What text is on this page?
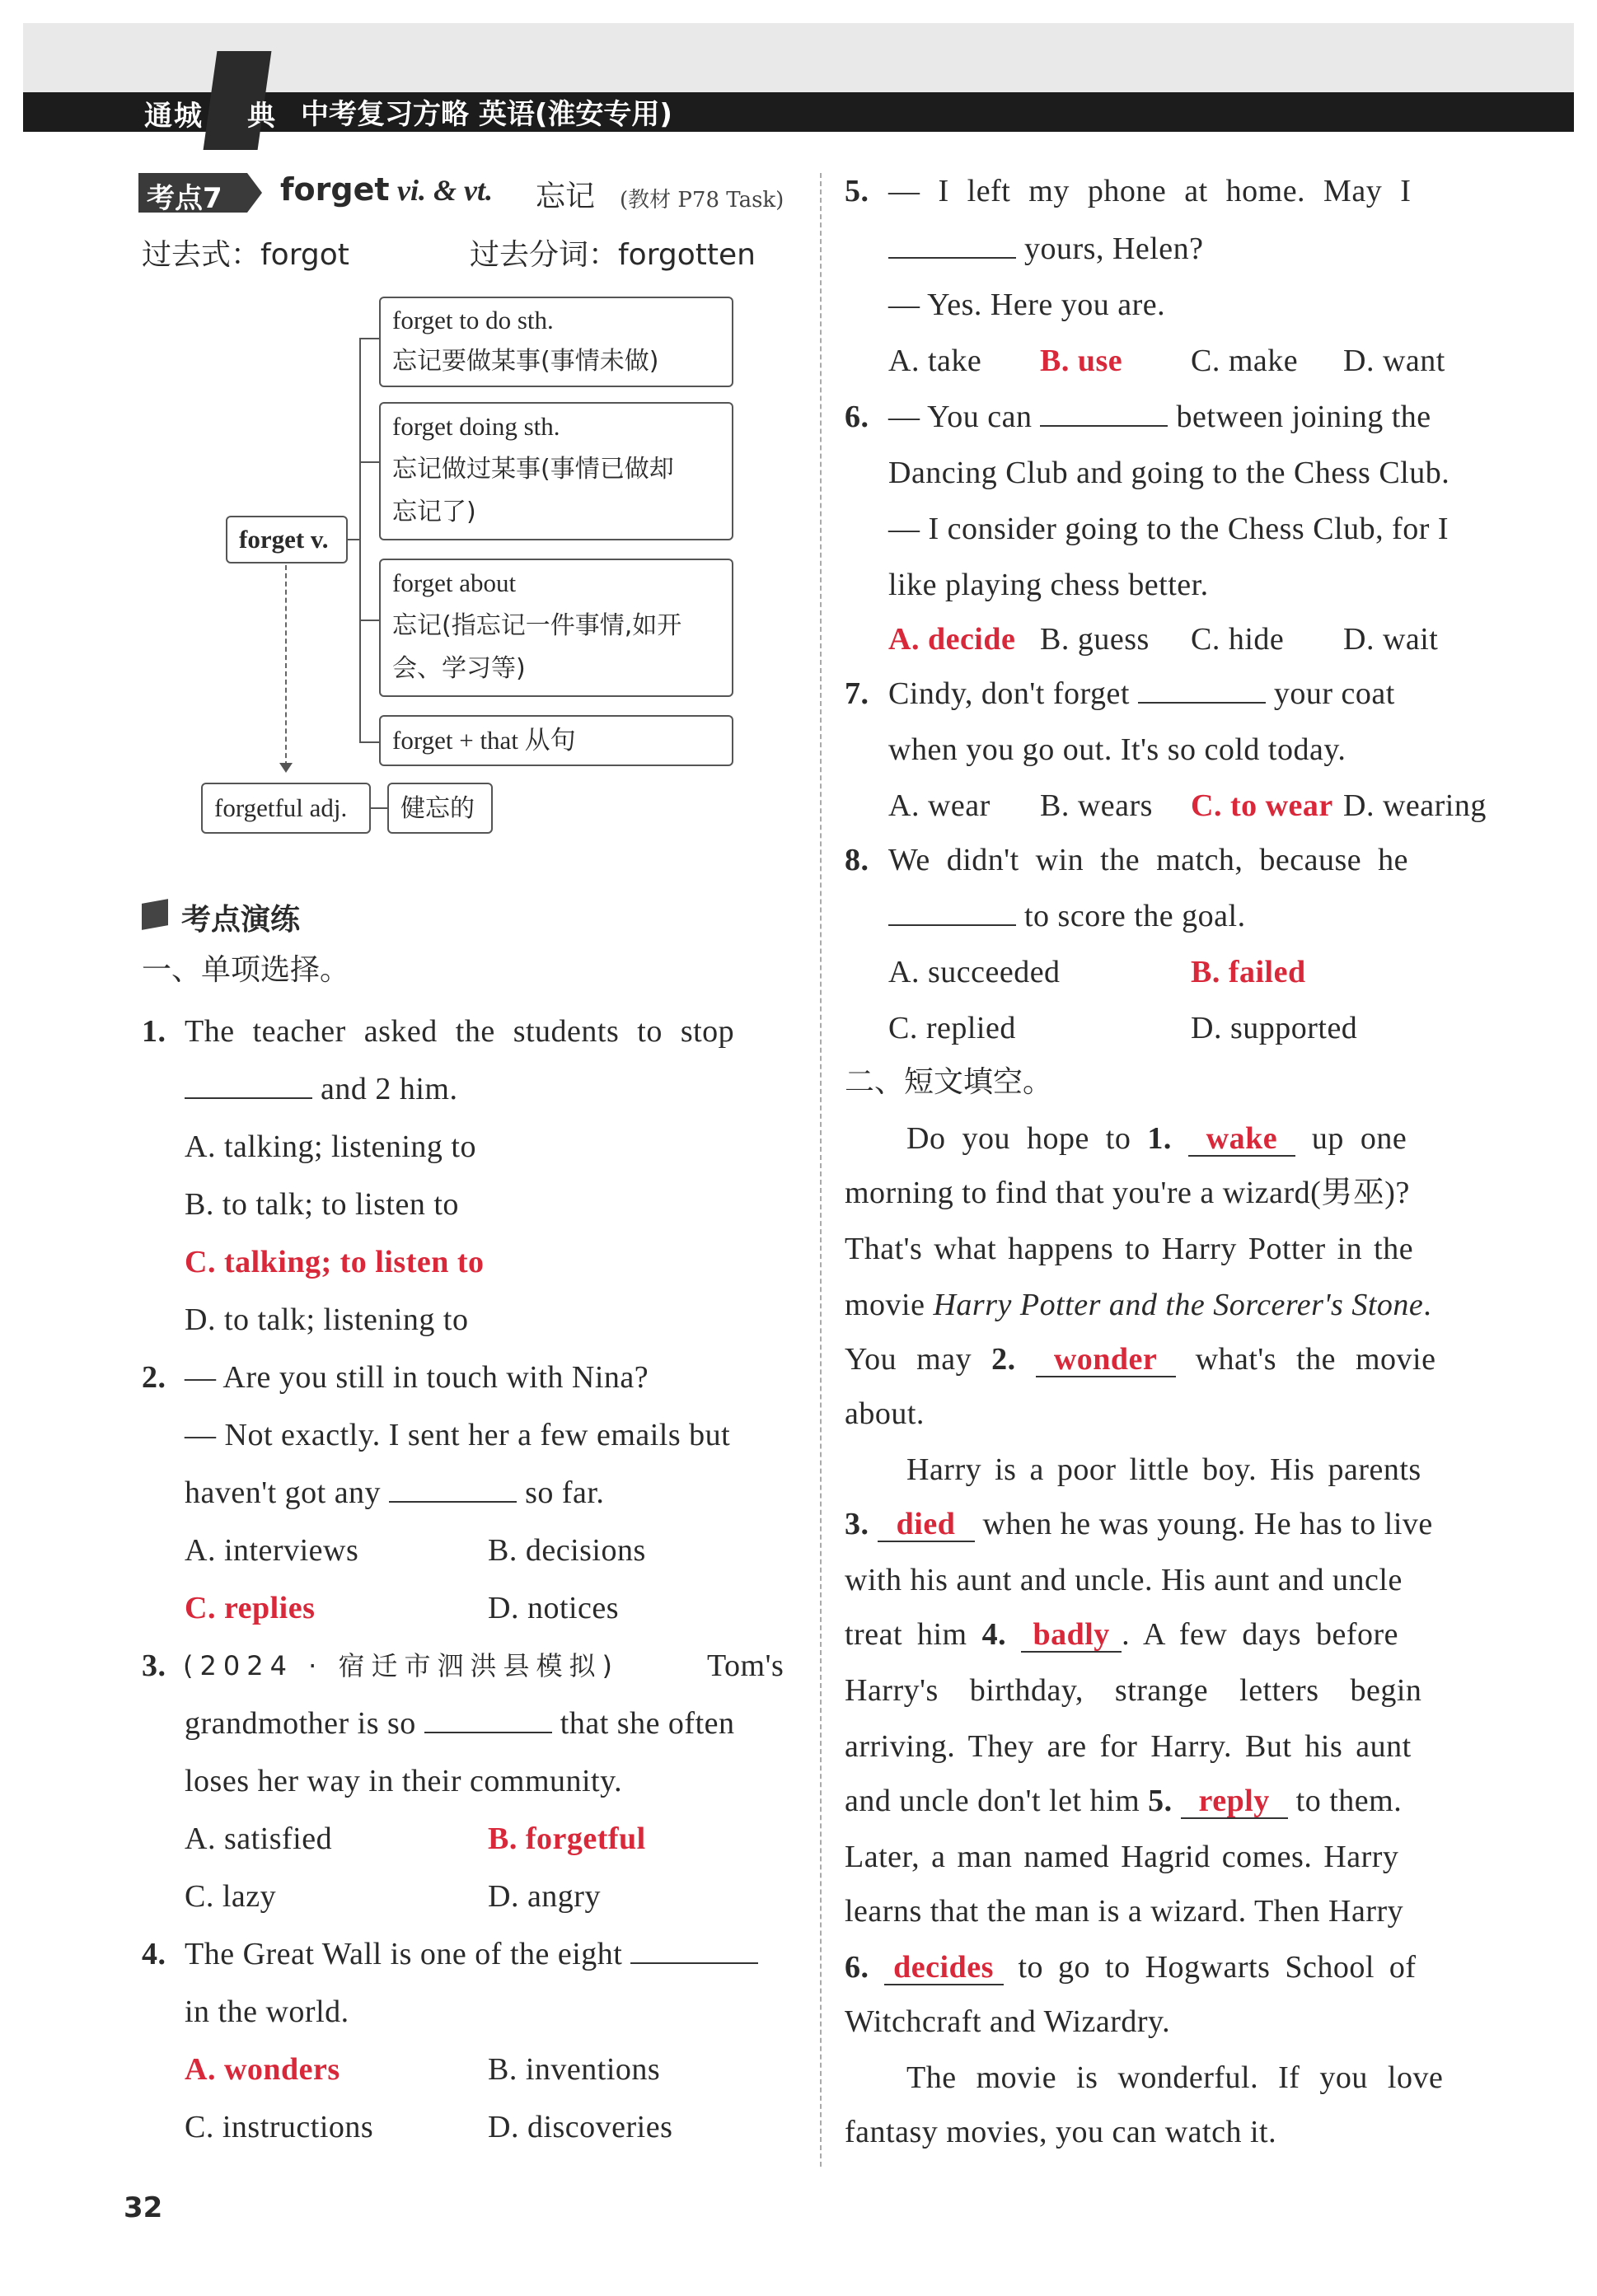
通城 典 中考复习方略 英语(淮安专用)
考点7 forget vi. & vt. 忘记 (教材 P78 Task)
过去式：forgot	过去分词：forgotten
forget v.
forget to do sth.
忘记要做某事(事情未做)
forget doing sth.
忘记做过某事(事情已做却
忘记了)
forget about
忘记(指忘记一件事情,如开
会、学习等)
forget + that 从句
forgetful adj.	健忘的
考点演练
一、单项选择。
1. The teacher asked the students to stop
and 2 him.
A. talking; listening to
B. to talk; to listen to
C. talking; to listen to
D. to talk; listening to
2. — Are you still in touch with Nina?
— Not exactly. I sent her a few emails but
haven't got any	so far.
A. interviews	B. decisions
C. replies	D. notices
3. (2024 · 宿迁市泗洪县模拟)	Tom's
grandmother is so	that she often
loses her way in their community.
A. satisfied	B. forgetful
C. lazy	D. angry
4. The Great Wall is one of the eight
in the world.
A. wonders	B. inventions
C. instructions	D. discoveries
5. — I left my phone at home. May I
yours, Helen?
— Yes. Here you are.
A. take B. use C. make D. want
6. — You can	between joining the
Dancing Club and going to the Chess Club.
— I consider going to the Chess Club, for I
like playing chess better.
A. decide B. guess C. hide D. wait
7. Cindy, don't forget	your coat
when you go out. It's so cold today.
A. wear B. wears C. to wear D. wearing
8. We didn't win the match, because he
to score the goal.
A. succeeded	B. failed
C. replied	D. supported
二、短文填空。
Do you hope to 1. wake up one
morning to find that you're a wizard(男巫)?
That's what happens to Harry Potter in the
movie Harry Potter and the Sorcerer's Stone.
You may 2. wonder what's the movie
about.
Harry is a poor little boy. His parents
3. died when he was young. He has to live
with his aunt and uncle. His aunt and uncle
treat him 4. badly . A few days before
Harry's birthday, strange letters begin
arriving. They are for Harry. But his aunt
and uncle don't let him 5. reply to them.
Later, a man named Hagrid comes. Harry
learns that the man is a wizard. Then Harry
6. decides to go to Hogwarts School of
Witchcraft and Wizardry.
The movie is wonderful. If you love
fantasy movies, you can watch it.
32
